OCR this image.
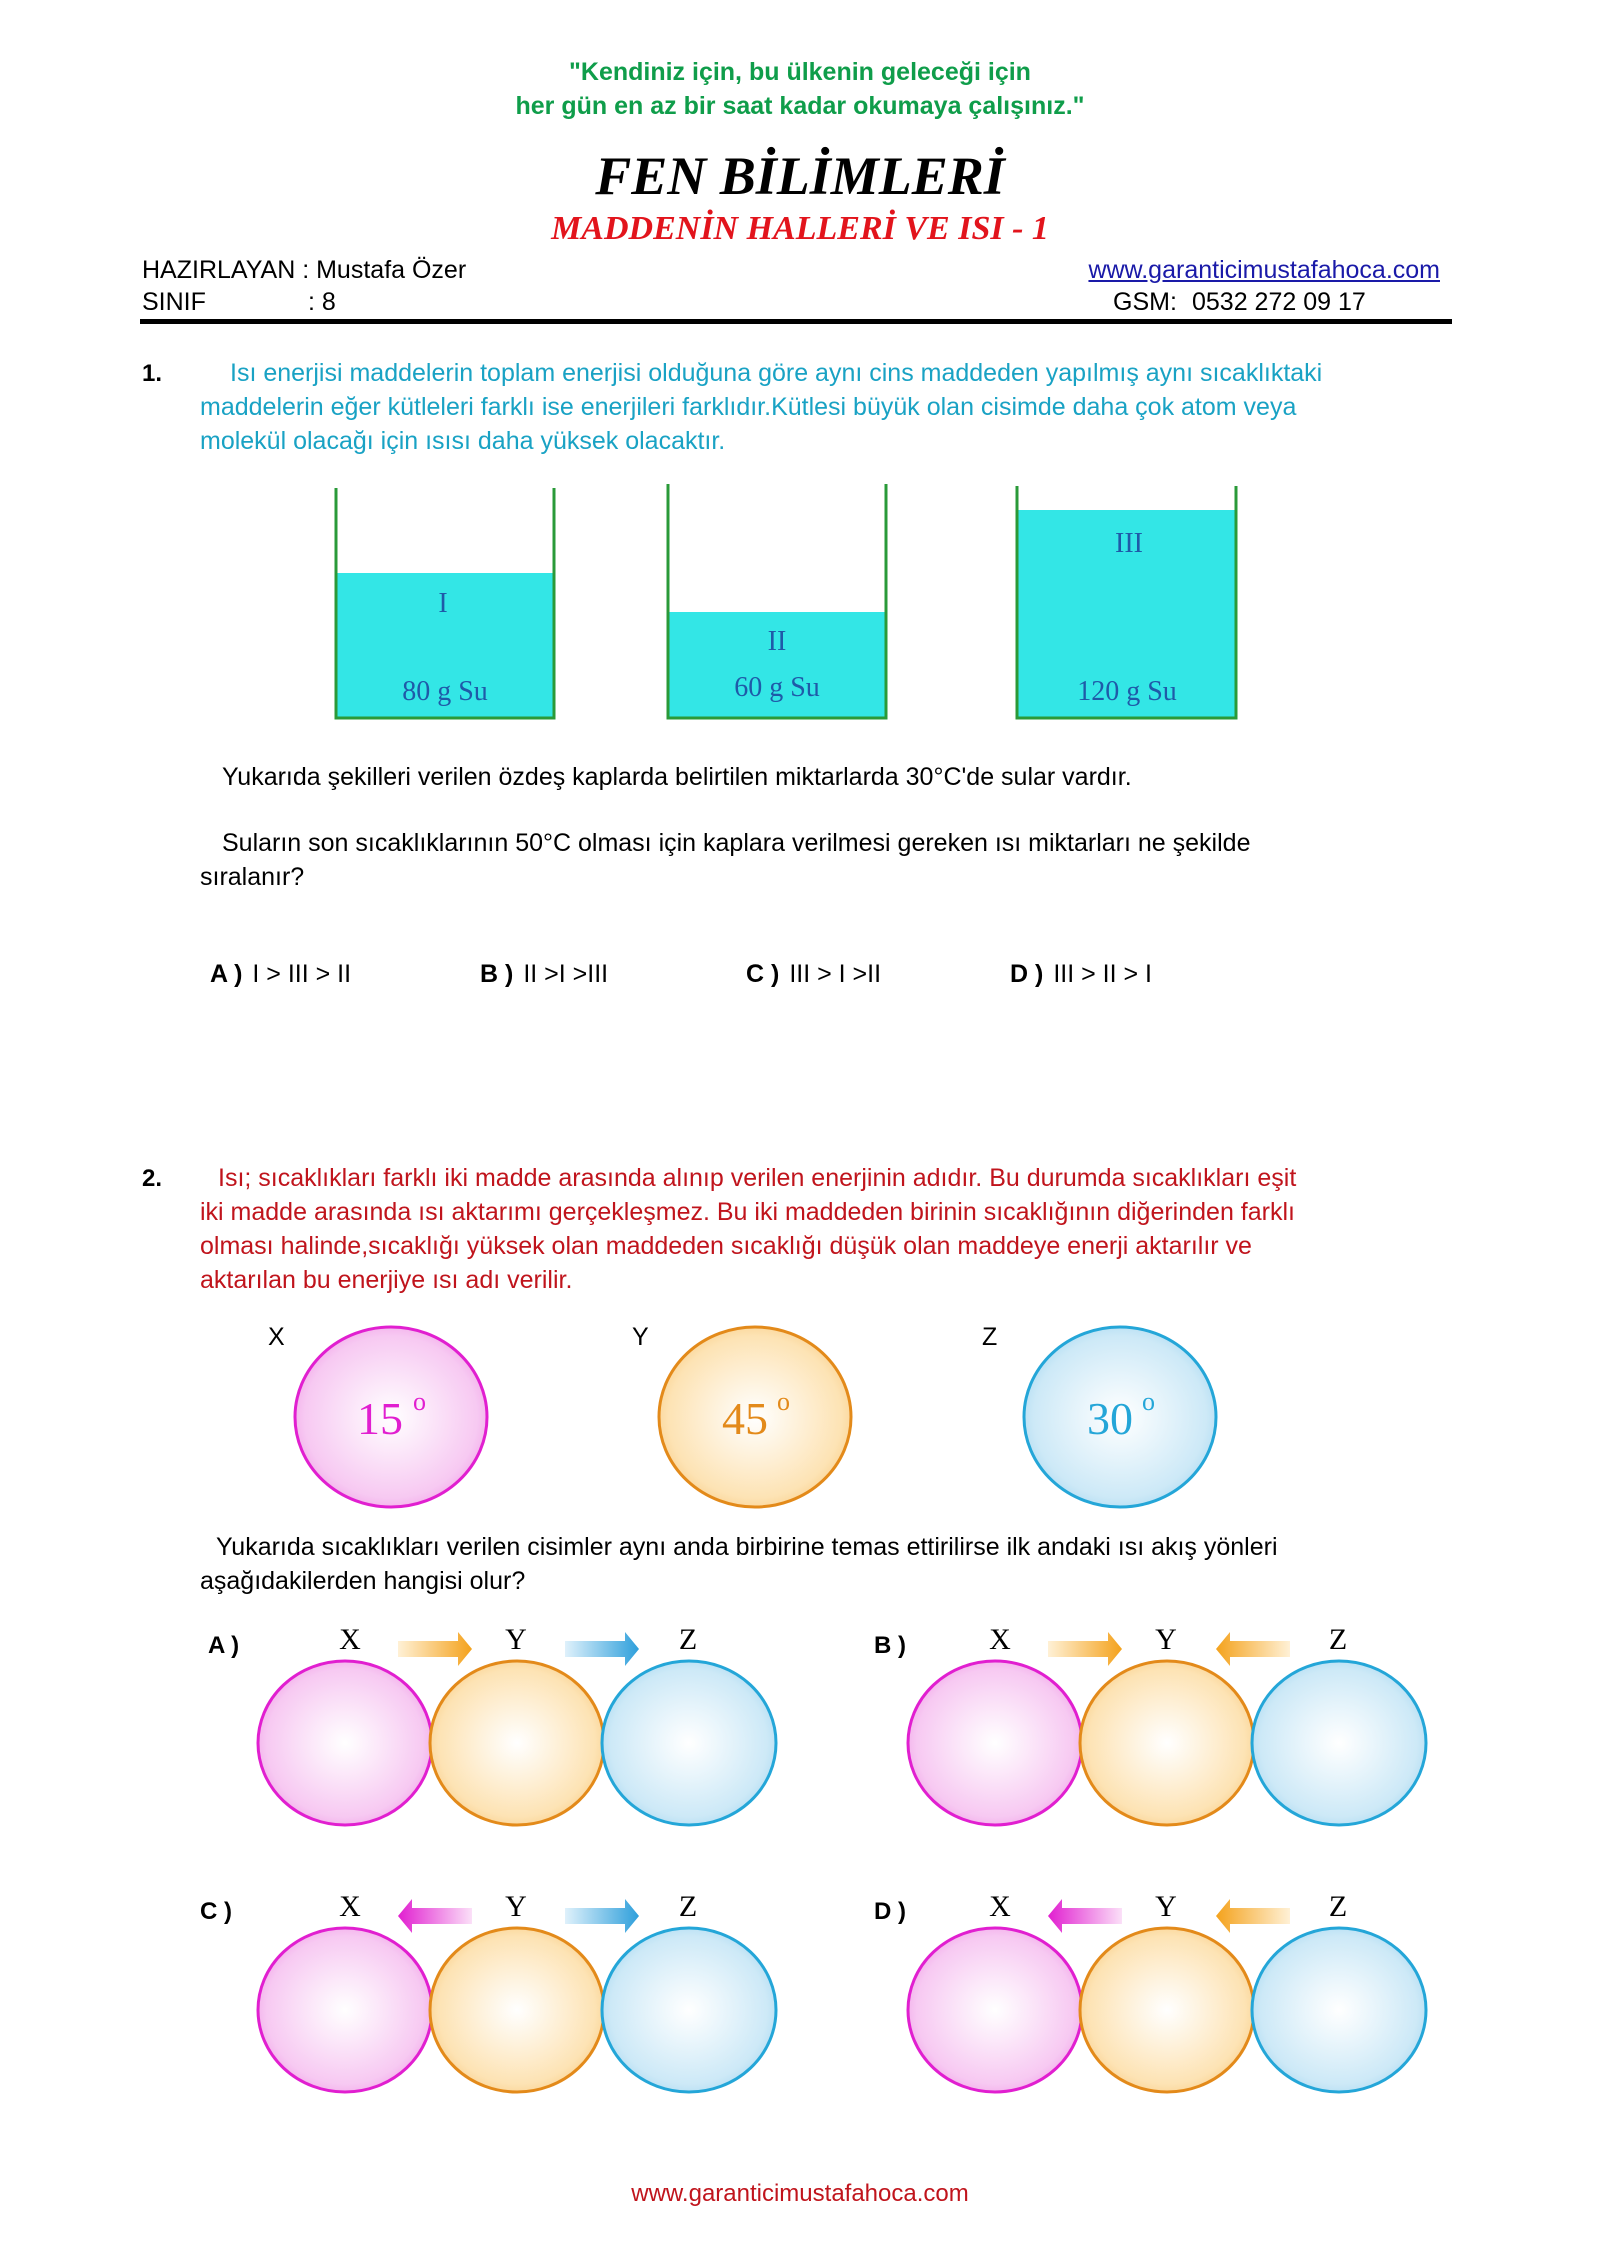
"Kendiniz için, bu ülkenin geleceği için
her gün en az bir saat kadar okumaya çalışınız."
FEN BİLİMLERİ
MADDENİN HALLERİ VE ISI - 1
HAZIRLAYAN : Mustafa Özer
SINIF	: 8
www.garanticimustafahoca.com
GSM: 0532 272 09 17
1.	Isı enerjisi maddelerin toplam enerjisi olduğuna göre aynı cins maddeden yapılmış aynı sıcaklıktaki
maddelerin eğer kütleleri farklı ise enerjileri farklıdır.Kütlesi büyük olan cisimde daha çok atom veya
molekül olacağı için ısısı daha yüksek olacaktır.
I
80 g Su
II
60 g Su
III
120 g Su
Yukarıda şekilleri verilen özdeş kaplarda belirtilen miktarlarda 30°C'de sular vardır.
Suların son sıcaklıklarının 50°C olması için kaplara verilmesi gereken ısı miktarları ne şekilde
sıralanır?
A ) I > III > II	B ) II >I >III	C ) III > I >II	D ) III > II > I
2. Isı; sıcaklıkları farklı iki madde arasında alınıp verilen enerjinin adıdır. Bu durumda sıcaklıkları eşit
iki madde arasında ısı aktarımı gerçekleşmez. Bu iki maddeden birinin sıcaklığının diğerinden farklı
olması halinde,sıcaklığı yüksek olan maddeden sıcaklığı düşük olan maddeye enerji aktarılır ve
aktarılan bu enerjiye ısı adı verilir.
X	Y	Z
15 o	45 o	30 o
Yukarıda sıcaklıkları verilen cisimler aynı anda birbirine temas ettirilirse ilk andaki ısı akış yönleri
aşağıdakilerden hangisi olur?
A )	X	Y	Z	B )	X	Y	Z
C )	X	Y	Z	D )	X	Y	Z
www.garanticimustafahoca.com
